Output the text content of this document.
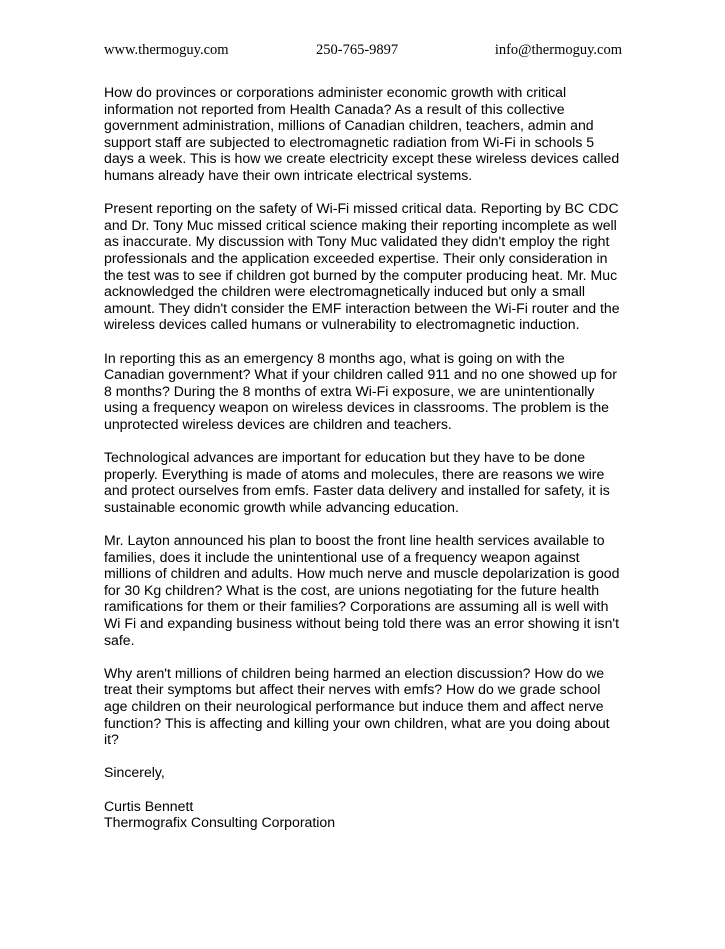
www.thermoguy.com	250-765-9897	info@thermoguy.com

How do provinces or corporations administer economic growth with critical information not reported from Health Canada? As a result of this collective government administration, millions of Canadian children, teachers, admin and support staff are subjected to electromagnetic radiation from Wi-Fi in schools 5 days a week. This is how we create electricity except these wireless devices called humans already have their own intricate electrical systems.

Present reporting on the safety of Wi-Fi missed critical data. Reporting by BC CDC and Dr. Tony Muc missed critical science making their reporting incomplete as well as inaccurate. My discussion with Tony Muc validated they didn't employ the right professionals and the application exceeded expertise. Their only consideration in the test was to see if children got burned by the computer producing heat. Mr. Muc acknowledged the children were electromagnetically induced but only a small amount. They didn't consider the EMF interaction between the Wi-Fi router and the wireless devices called humans or vulnerability to electromagnetic induction.

In reporting this as an emergency 8 months ago, what is going on with the Canadian government? What if your children called 911 and no one showed up for 8 months? During the 8 months of extra Wi-Fi exposure, we are unintentionally using a frequency weapon on wireless devices in classrooms. The problem is the unprotected wireless devices are children and teachers.

Technological advances are important for education but they have to be done properly. Everything is made of atoms and molecules, there are reasons we wire and protect ourselves from emfs. Faster data delivery and installed for safety, it is sustainable economic growth while advancing education.

Mr. Layton announced his plan to boost the front line health services available to families, does it include the unintentional use of a frequency weapon against millions of children and adults. How much nerve and muscle depolarization is good for 30 Kg children? What is the cost, are unions negotiating for the future health ramifications for them or their families? Corporations are assuming all is well with Wi Fi and expanding business without being told there was an error showing it isn't safe.

Why aren't millions of children being harmed an election discussion? How do we treat their symptoms but affect their nerves with emfs? How do we grade school age children on their neurological performance but induce them and affect nerve function? This is affecting and killing your own children, what are you doing about it?

Sincerely,
Curtis Bennett
Thermografix Consulting Corporation
